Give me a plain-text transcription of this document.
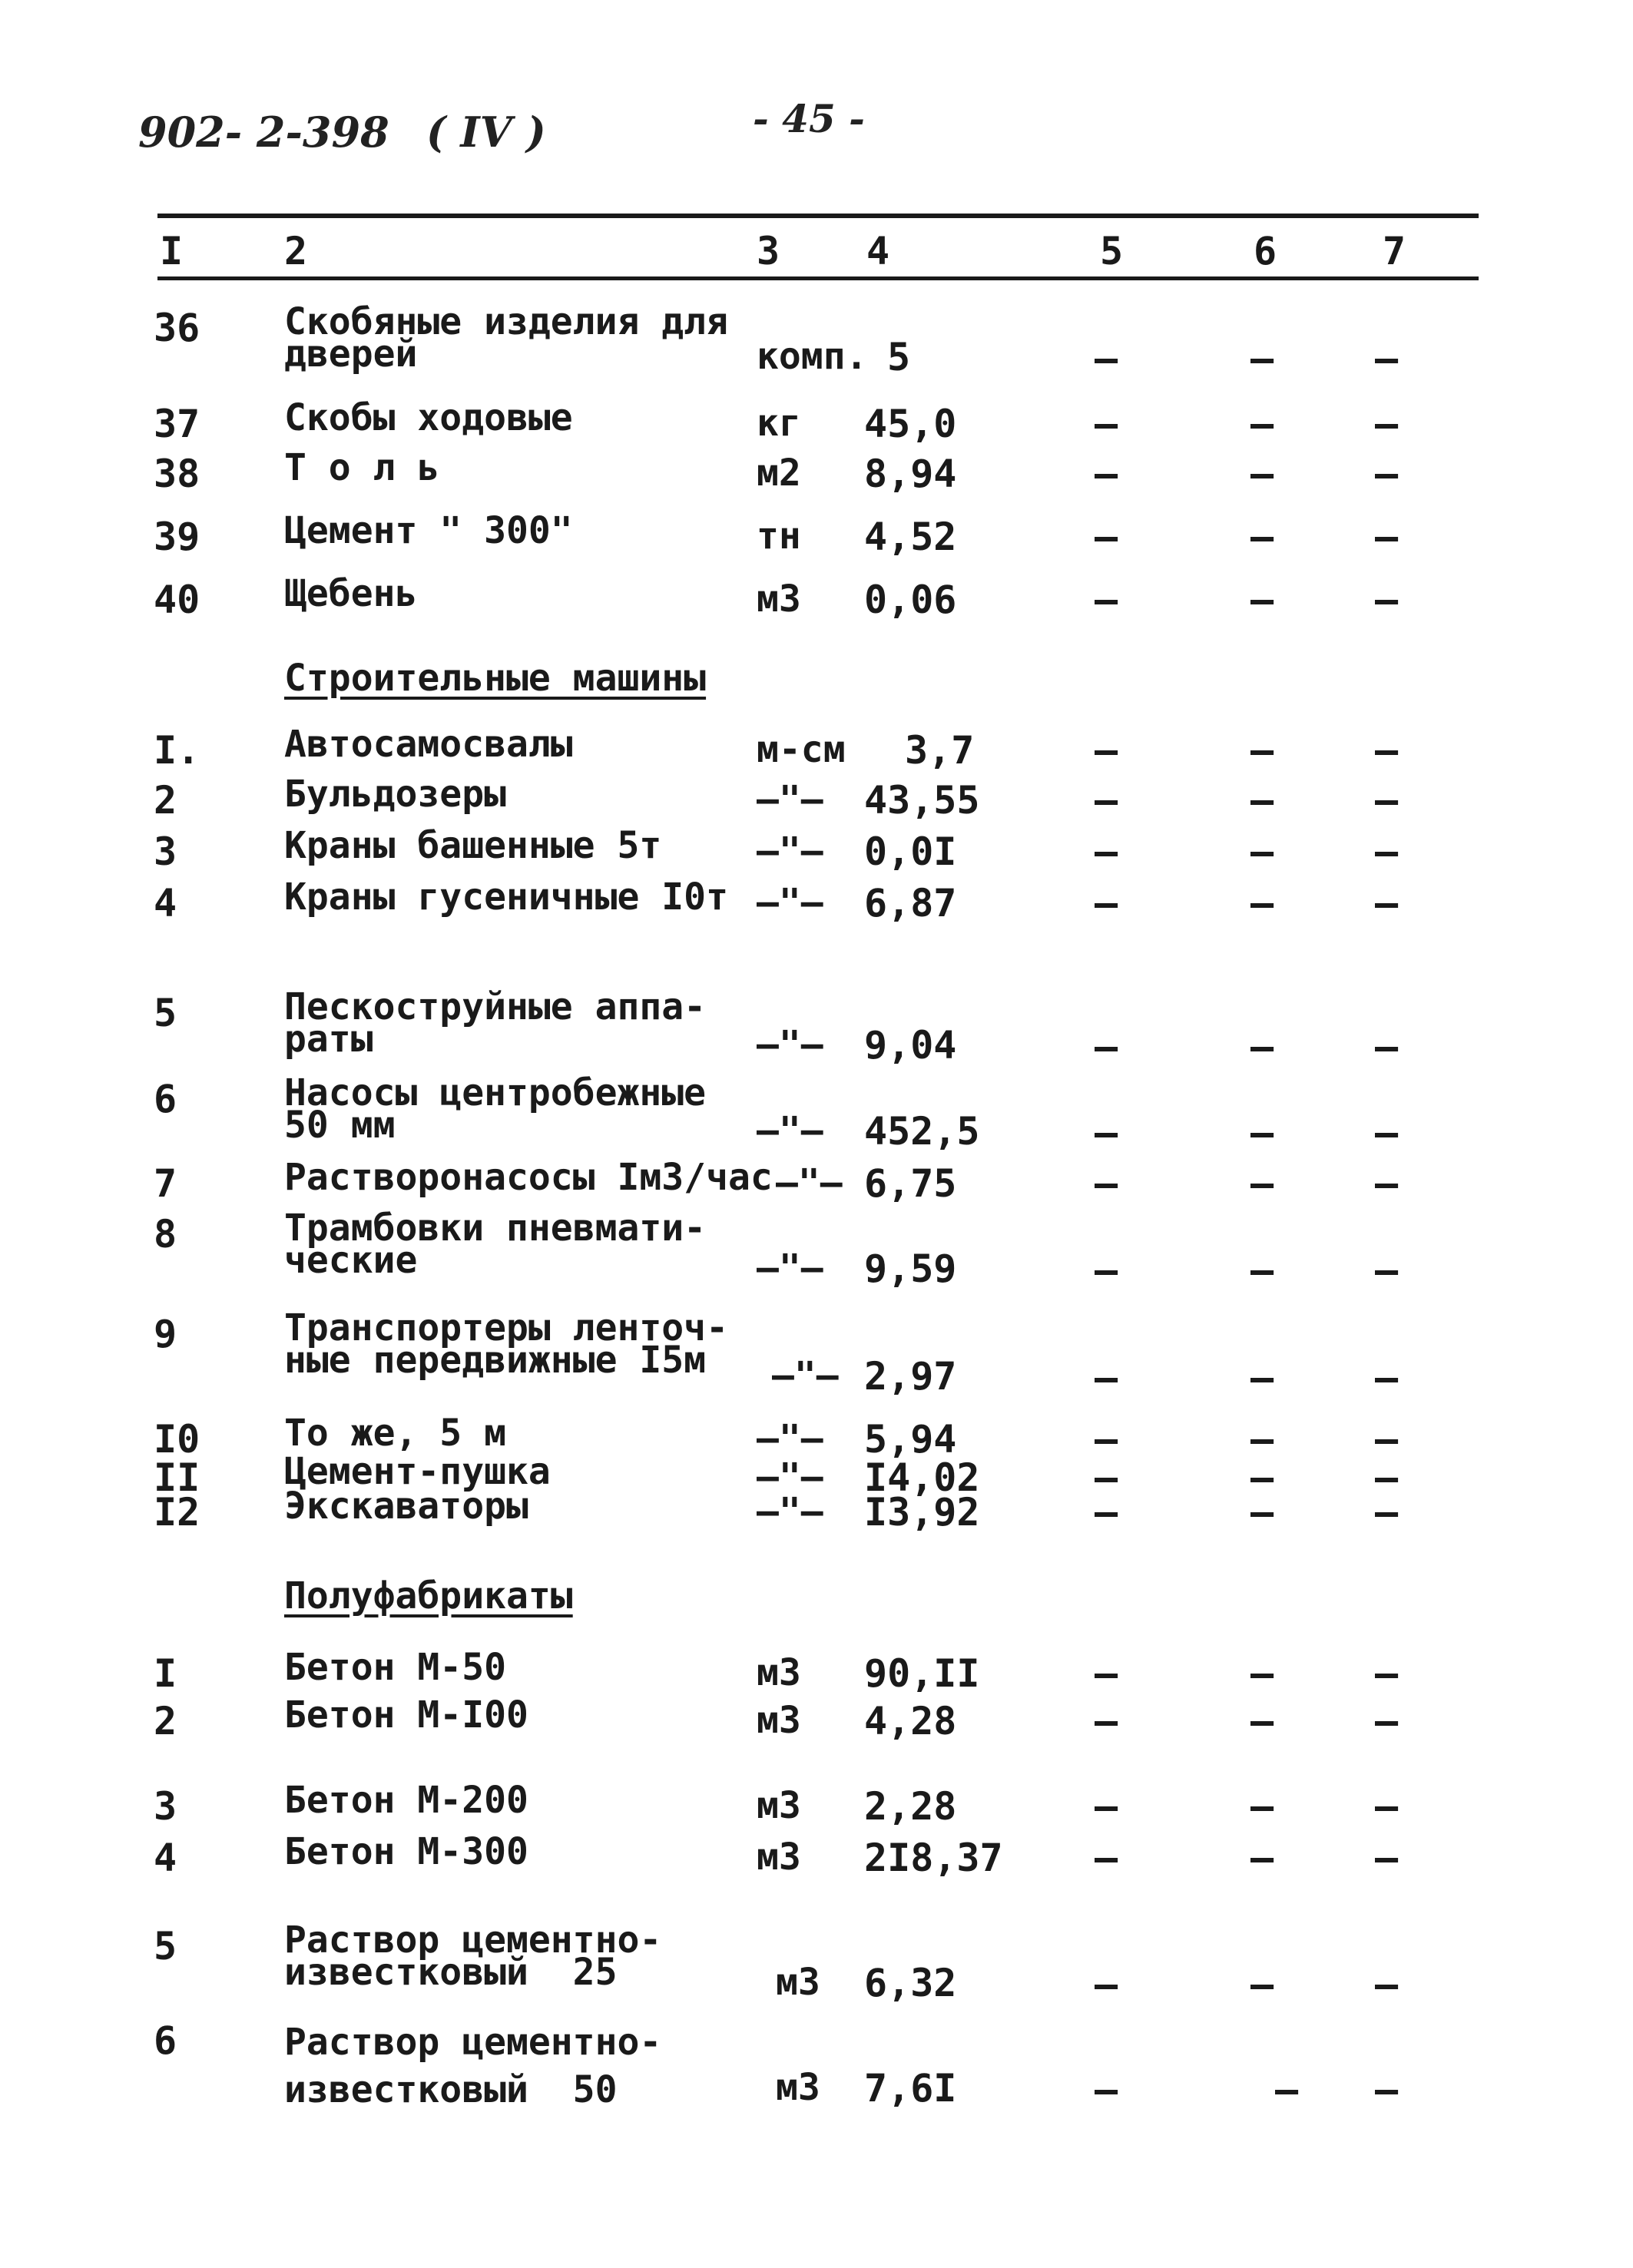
902- 2-398 ( IV )	- 45 -
I	2	3 4	5	6	7
36 Скобяные изделия для
дверей	комп. 5	–	–	–
37 Скобы ходовые	кг 45,0	–	–	–
38 Т о л ь	м2 8,94	–	–	–
39 Цемент " 300"	тн 4,52	–	–	–
40 Щебень	м3 0,06	–	–	–
Строительные машины
I. Автосамосвалы	м-см 3,7	–	–	–
2	Бульдозеры	–"– 43,55	–	–	–
3	Краны башенные 5т	–"– 0,0I	–	–	–
4	Краны гусеничные I0т –"– 6,87	–	–	–
5	Пескоструйные аппа-
раты	–"– 9,04	–	–	–
6	Насосы центробежные
50 мм	–"– 452,5	–	–	–
7	Растворонасосы IмЗ/час –"– 6,75	–	–	–
8	Трамбовки пневмати-
ческие	–"– 9,59	–	–	–
9	Транспортеры ленточ-
ные передвижные I5м	–"– 2,97	–	–	–
I0 То же, 5 м	–"– 5,94	–	–	–
II Цемент-пушка	–"– I4,02	–	–	–
I2 Экскаваторы	–"– I3,92	–	–	–
Полуфабрикаты
I	Бетон М-50	м3 90,II	–	–	–
2	Бетон М-I00	м3 4,28	–	–	–
3	Бетон М-200	м3 2,28	–	–	–
4	Бетон М-300	м3 2I8,37 –	–	–
5	Раствор цементно-
известковый  25	м3 6,32	–	–	–
6	Раствор цементно-
известковый  50	м3 7,6I	–	– –
